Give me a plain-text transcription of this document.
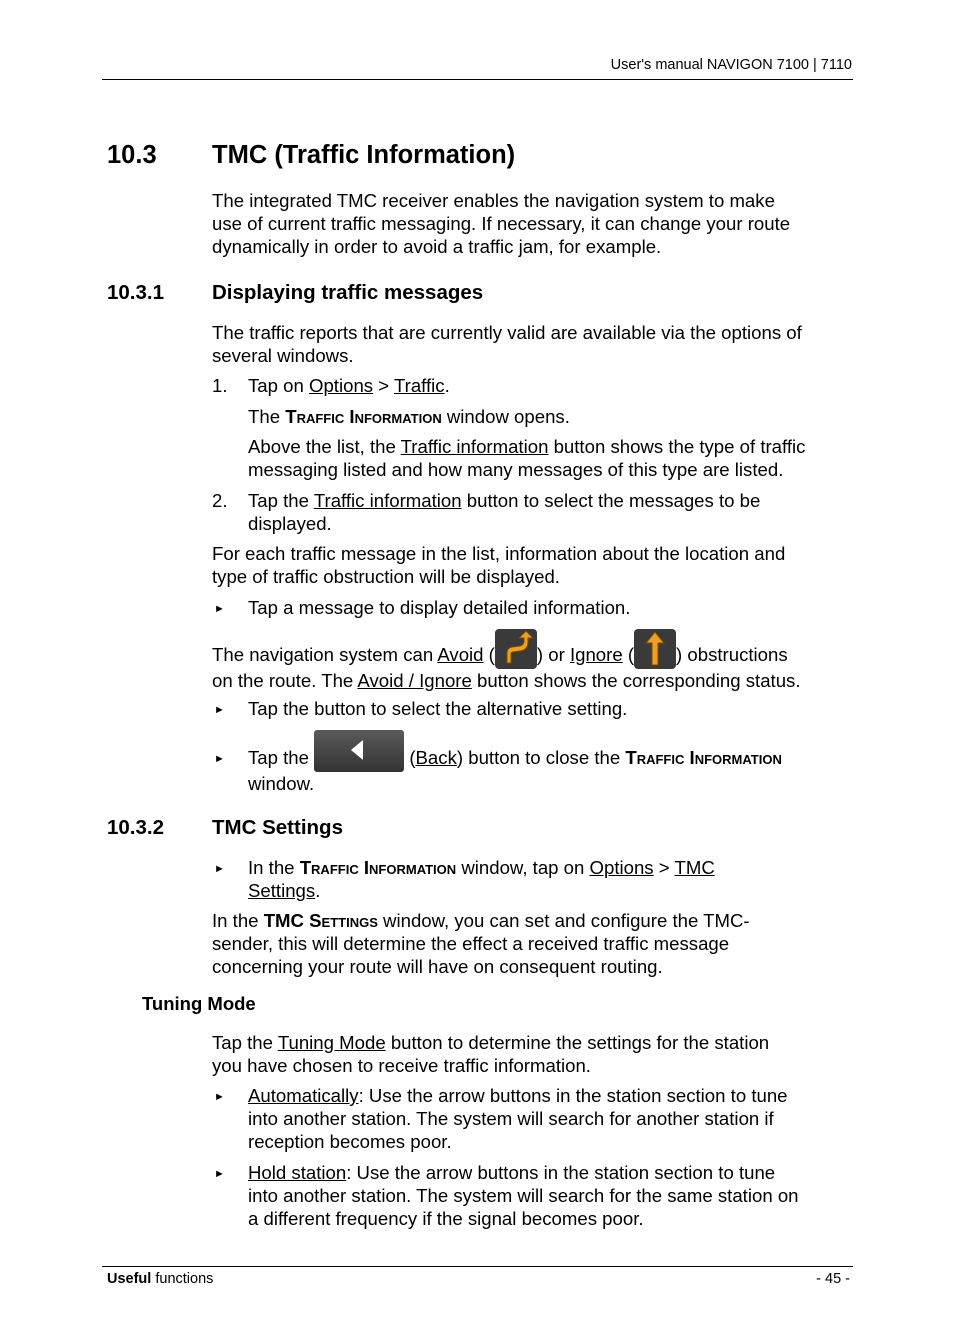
User's manual NAVIGON 7100 | 7110
10.3 TMC (Traffic Information)
The integrated TMC receiver enables the navigation system to make
use of current traffic messaging. If necessary, it can change your route
dynamically in order to avoid a traffic jam, for example.
10.3.1 Displaying traffic messages
The traffic reports that are currently valid are available via the options of
several windows.
1. Tap on Options > Traffic.
The Traffic Information window opens.
Above the list, the Traffic information button shows the type of traffic
messaging listed and how many messages of this type are listed.
2. Tap the Traffic information button to select the messages to be
displayed.
For each traffic message in the list, information about the location and
type of traffic obstruction will be displayed.
► Tap a message to display detailed information.
The navigation system can Avoid ( ) or Ignore ( ) obstructions
on the route. The Avoid / Ignore button shows the corresponding status.
► Tap the button to select the alternative setting.
► Tap the	(Back) button to close the Traffic Information
window.
10.3.2 TMC Settings
► In the Traffic Information window, tap on Options > TMC
Settings.
In the TMC Settings window, you can set and configure the TMC-
sender, this will determine the effect a received traffic message
concerning your route will have on consequent routing.
Tuning Mode
Tap the Tuning Mode button to determine the settings for the station
you have chosen to receive traffic information.
► Automatically: Use the arrow buttons in the station section to tune
into another station. The system will search for another station if
reception becomes poor.
► Hold station: Use the arrow buttons in the station section to tune
into another station. The system will search for the same station on
a different frequency if the signal becomes poor.
Useful functions	- 45 -
